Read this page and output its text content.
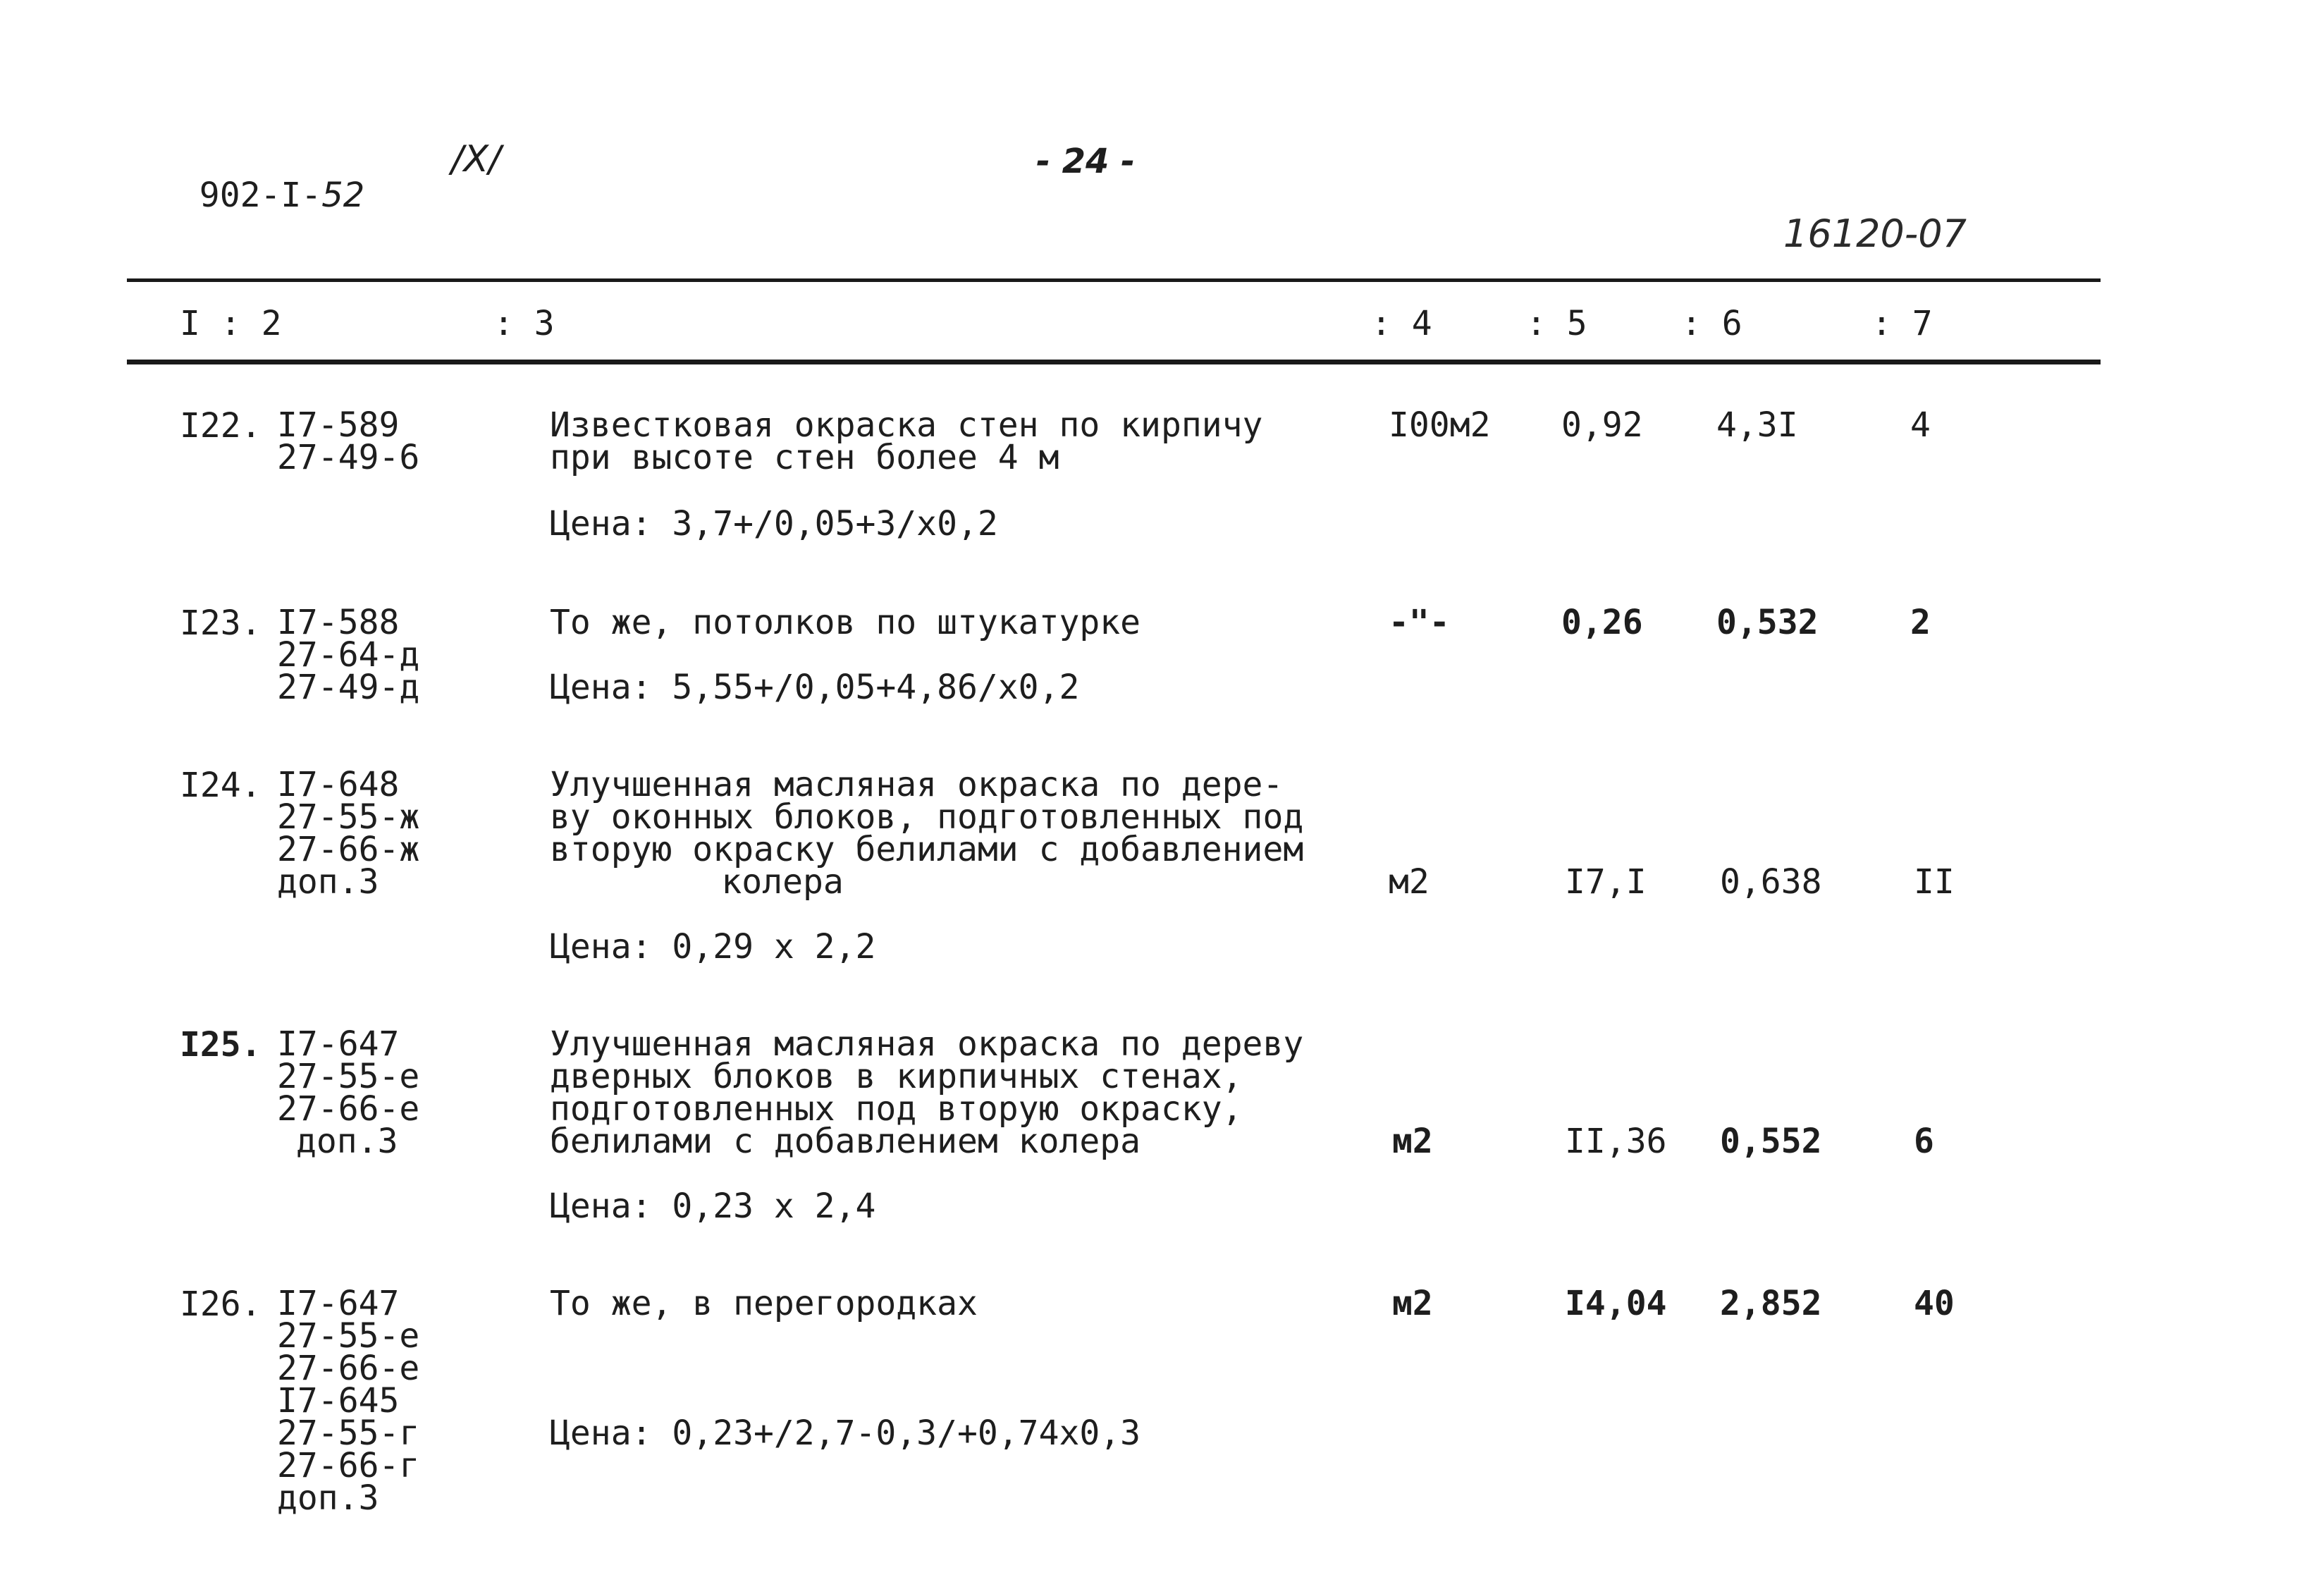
902-I-52

/X/	- 24 -
16120-07
I : 2	: 3	: 4	: 5	: 6	: 7
I22. I7-589
27-49-6
Известковая окраска стен по кирпичу
при высоте стен более 4 м
Цена: 3,7+/0,05+3/x0,2
I00м2 0,92 4,3I	4
I23. I7-588
27-64-д
27-49-д
То же, потолков по штукатурке
Цена: 5,55+/0,05+4,86/x0,2
-"-	0,26 0,532	2
I24. I7-648
27-55-ж
27-66-ж
доп.3
Улучшенная масляная окраска по дере-
ву оконных блоков, подготовленных под
вторую окраску белилами с добавлением
колера
Цена: 0,29 x 2,2
м2	I7,I 0,638	II
I25. I7-647
27-55-е
27-66-е
доп.3
Улучшенная масляная окраска по дереву
дверных блоков в кирпичных стенах,
подготовленных под вторую окраску,
белилами с добавлением колера
Цена: 0,23 x 2,4
м2	II,36 0,552	6
I26. I7-647
27-55-е
27-66-е
I7-645
27-55-г
27-66-г
доп.3
То же, в перегородках
Цена: 0,23+/2,7-0,3/+0,74x0,3
м2	I4,04 2,852	40
